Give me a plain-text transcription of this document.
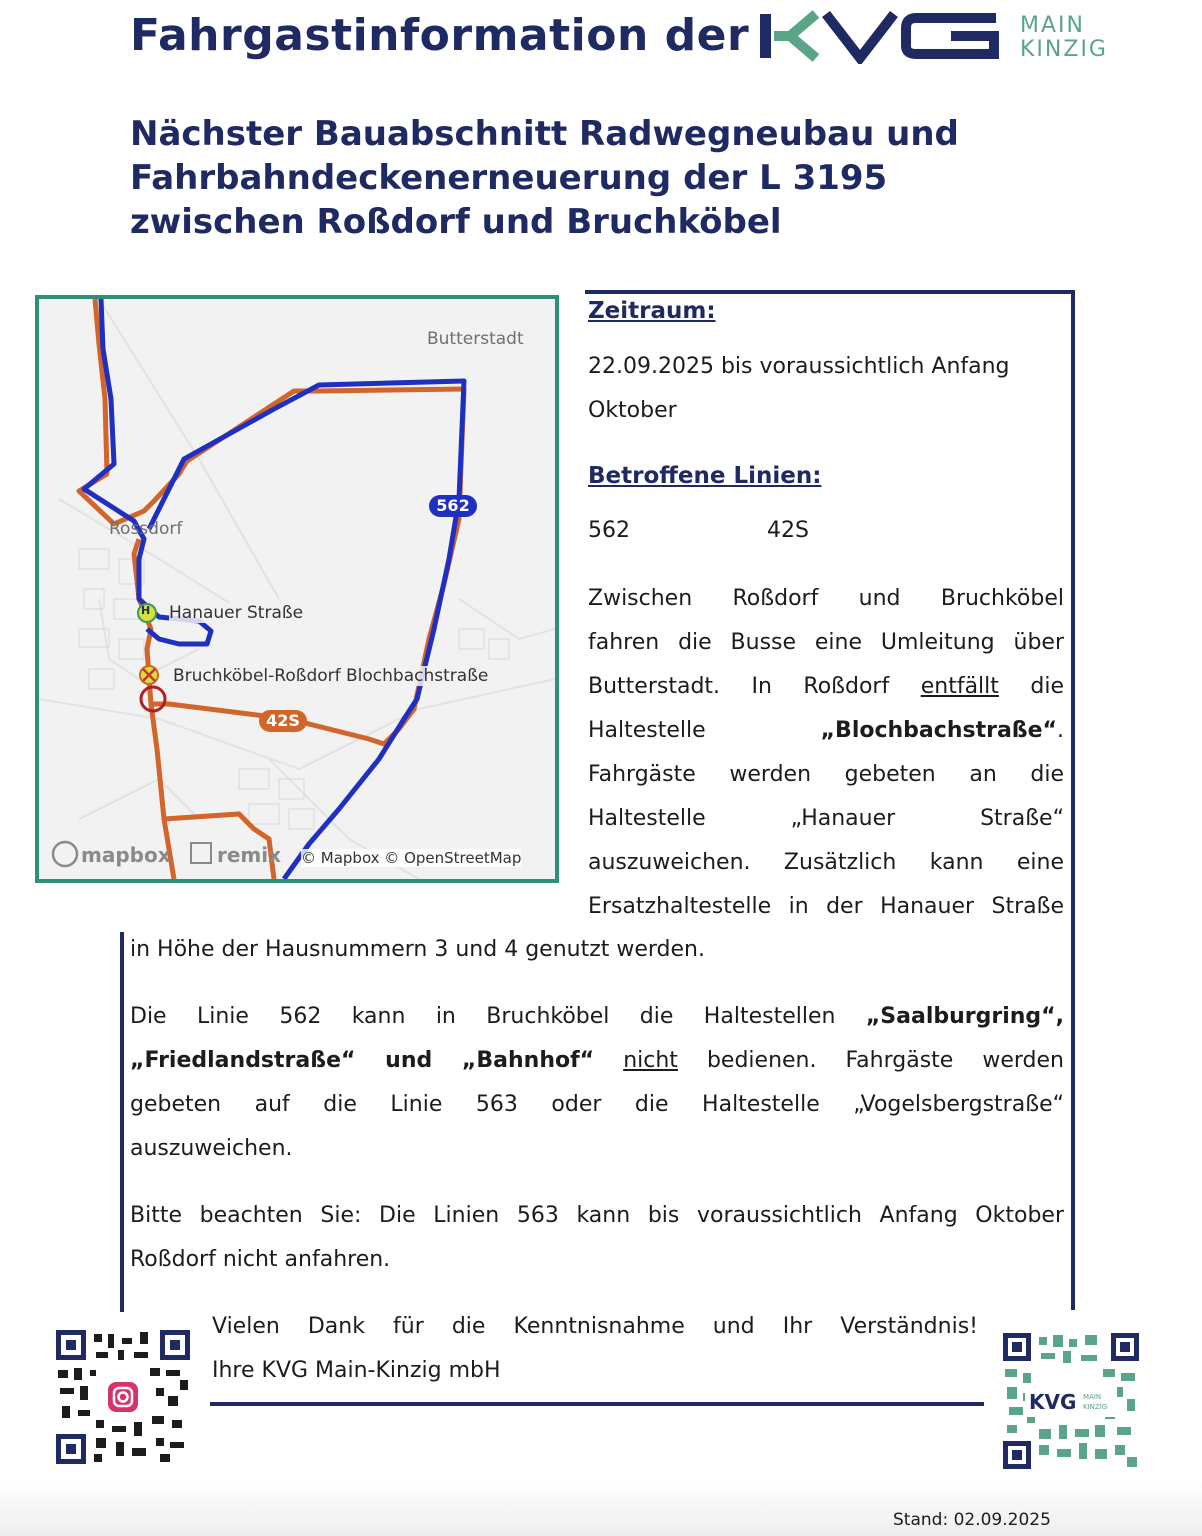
Fahrgastinformation der	MAIN
KINZIG
Nächster Bauabschnitt Radwegneubau und
Fahrbahndeckenerneuerung der L 3195
zwischen Roßdorf und Bruchköbel
Butterstadt
Rossdorf
H Hanauer Straße
Bruchköbel-Roßdorf Blochbachstraße
562
42S
mapbox remix © Mapbox © OpenStreetMap
Zeitraum:
22.09.2025 bis voraussichtlich Anfang
Oktober
Betroffene Linien:
562	42S
Zwischen Roßdorf und Bruchköbel
fahren die Busse eine Umleitung über
Butterstadt. In Roßdorf entfällt die
Haltestelle	„Blochbachstraße“.
Fahrgäste werden gebeten an die
Haltestelle „Hanauer Straße“
auszuweichen. Zusätzlich kann eine
Ersatzhaltestelle in der Hanauer Straße
in Höhe der Hausnummern 3 und 4 genutzt werden.
Die Linie 562 kann in Bruchköbel die Haltestellen „Saalburgring“,
„Friedlandstraße“ und „Bahnhof“ nicht bedienen. Fahrgäste werden
gebeten auf die Linie 563 oder die Haltestelle „Vogelsbergstraße“
auszuweichen.
Bitte beachten Sie: Die Linien 563 kann bis voraussichtlich Anfang Oktober
Roßdorf nicht anfahren.
KVG MAIN
KINZIG
Vielen Dank für die Kenntnisnahme und Ihr Verständnis!
Ihre KVG Main-Kinzig mbH
Stand: 02.09.2025
